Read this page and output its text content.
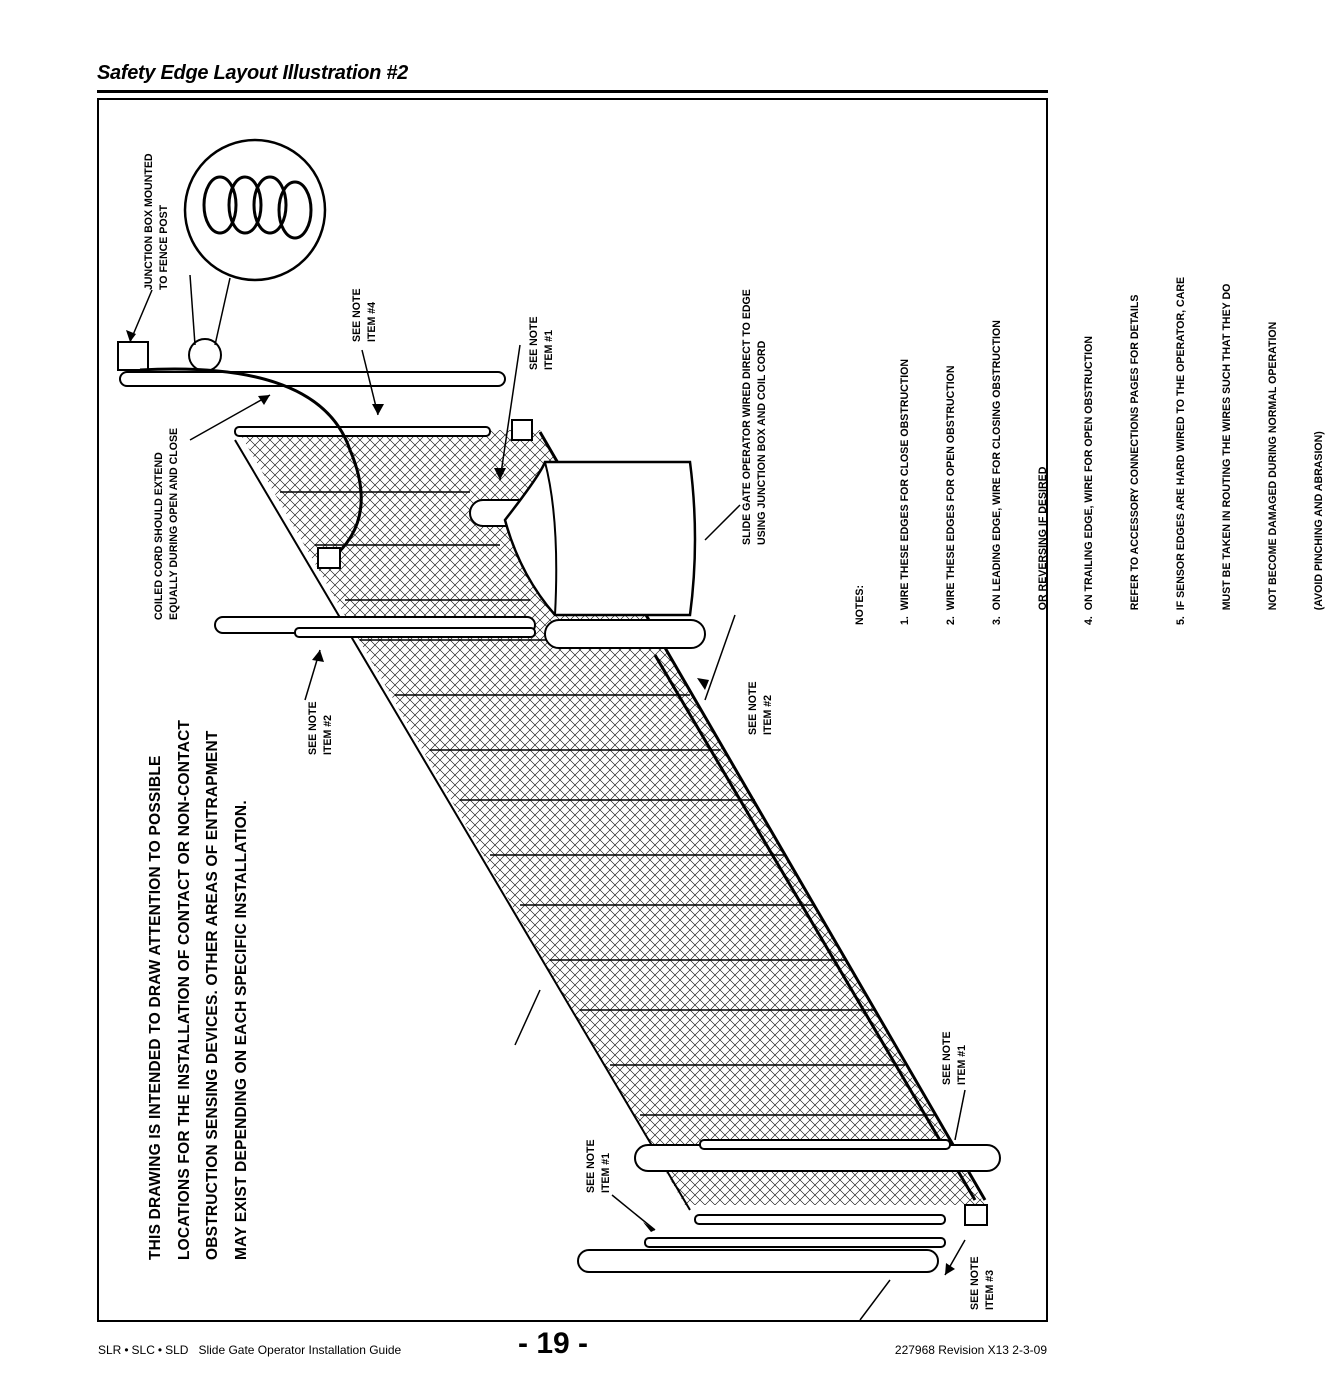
Safety Edge Layout Illustration #2
THIS DRAWING IS INTENDED TO DRAW ATTENTION TO POSSIBLE LOCATIONS FOR THE INSTALLATION OF CONTACT OR NON-CONTACT OBSTRUCTION SENSING DEVICES. OTHER AREAS OF ENTRAPMENT MAY EXIST DEPENDING ON EACH SPECIFIC INSTALLATION.
JUNCTION BOX MOUNTED TO FENCE POST
COILED CORD SHOULD EXTEND EQUALLY DURING OPEN AND CLOSE
SEE NOTE ITEM #4	SEE NOTE ITEM #1
SEE NOTE ITEM #2	SEE NOTE ITEM #2
SEE NOTE ITEM #1
SEE NOTE ITEM #1
SEE NOTE ITEM #3
SLIDE GATE OPERATOR WIRED DIRECT TO EDGE USING JUNCTION BOX AND COIL CORD

NOTES:

	1.  WIRE THESE EDGES FOR CLOSE OBSTRUCTION

	2.  WIRE THESE EDGES FOR OPEN OBSTRUCTION

	3.  ON LEADING EDGE, WIRE FOR CLOSING OBSTRUCTION

	OR REVERSING IF DESIRED

	4.  ON TRAILING EDGE, WIRE FOR OPEN OBSTRUCTION

	REFER TO ACCESSORY CONNECTIONS PAGES FOR DETAILS

	5.  IF SENSOR EDGES ARE HARD WIRED TO THE OPERATOR, CARE

	MUST BE TAKEN IN ROUTING THE WIRES SUCH THAT THEY DO

	NOT BECOME DAMAGED DURING NORMAL OPERATION

	(AVOID PINCHING AND ABRASION)

SLR • SLC • SLD Slide Gate Operator Installation Guide	- 19 -	227968 Revision X13 2-3-09
